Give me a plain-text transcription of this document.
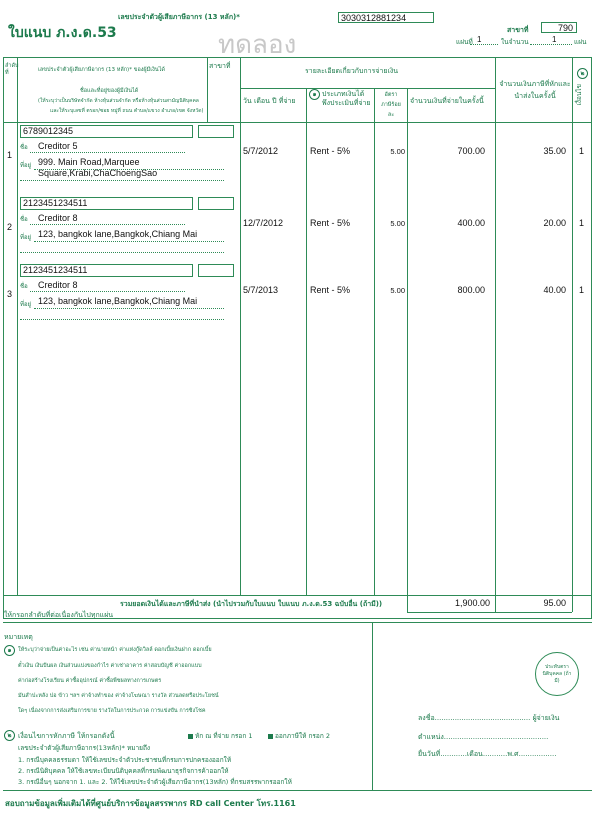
เลขประจำตัวผู้เสียภาษีอากร (13 หลัก)*	3030312881234
ใบแนบ ภ.ง.ด.53	ทดลอง	สาขาที่	790
แผ่นที่ 1	ในจำนวน	1	แผ่น
ลำดับที่	เลขประจำตัวผู้เสียภาษีอากร (13 หลัก)* ของผู้มีเงินได้	สาขาที่
ชื่อและที่อยู่ของผู้มีเงินได้
(ให้ระบุว่าเป็นบริษัทจำกัด ห้างหุ้นส่วนจำกัด หรือห้างหุ้นส่วนสามัญนิติบุคคล
และให้ระบุเลขที่ ตรอก/ซอย หมู่ที่ ถนน ตำบล/แขวง อำเภอ/เขต จังหวัด)
รายละเอียดเกี่ยวกับการจ่ายเงิน
วัน เดือน ปี ที่จ่าย
๑ ประเภทเงินได้พึงประเมินที่จ่าย
อัตราภาษีร้อยละ
จำนวนเงินที่จ่ายในครั้งนี้
จำนวนเงินภาษีที่หักและนำส่งในครั้งนี้
๒
เงื่อนไข
1
6789012345
ชื่อ Creditor 5
ที่อยู่ 999. Main Road,Marquee
Square,Krabi,ChaChoengSao
5/7/2012	Rent - 5%	5.00	700.00	35.00 1
2
2123451234511
ชื่อ Creditor 8
ที่อยู่ 123, bangkok lane,Bangkok,Chiang Mai
12/7/2012	Rent - 5%	5.00	400.00	20.00 1
3
2123451234511
ชื่อ Creditor 8
ที่อยู่ 123, bangkok lane,Bangkok,Chiang Mai
5/7/2013	Rent - 5%	5.00	800.00	40.00 1
รวมยอดเงินได้และภาษีที่นำส่ง (นำไปรวมกับใบแนบ ใบแนบ ภ.ง.ด.53 ฉบับอื่น (ถ้ามี))	1,900.00	95.00
ให้กรอกลำดับที่ต่อเนื่องกันไปทุกแผ่น
หมายเหตุ
๑	ให้ระบุว่าจ่ายเป็นค่าอะไร เช่น ค่านายหน้า ค่าแห่งกู๊ดวิลล์ ดอกเบี้ยเงินฝาก ดอกเบี้ย
ตั๋วเงิน เงินปันผล เงินส่วนแบ่งของกำไร ค่าเช่าอาคาร ค่าสอบบัญชี ค่าออกแบบ
ค่าก่อสร้างโรงเรียน ค่าซื้ออุปกรณ์ ค่าซื้อพืชผลทางการเกษตร
มันสำปะหลัง ปอ ข้าว ฯลฯ ค่าจ้างทำของ ค่าจ้างโฆษณา รางวัล ส่วนลดหรือประโยชน์
ใดๆ เนื่องจากการส่งเสริมการขาย รางวัลในการประกวด การแข่งขัน การชิงโชค
๒ เงื่อนไขการหักภาษี ให้กรอกดังนี้	หัก ณ ที่จ่าย กรอก 1	ออกภาษีให้ กรอก 2
เลขประจำตัวผู้เสียภาษีอากร(13หลัก)* หมายถึง
1. กรณีบุคคลธรรมดา ให้ใช้เลขประจำตัวประชาชนที่กรมการปกครองออกให้
2. กรณีนิติบุคคล ให้ใช้เลขทะเบียนนิติบุคคลที่กรมพัฒนาธุรกิจการค้าออกให้
3. กรณีอื่นๆ นอกจาก 1. และ 2. ให้ใช้เลขประจำตัวผู้เสียภาษีอากร(13หลัก) ที่กรมสรรพากรออกให้
ประทับตรานิติบุคคล (ถ้ามี)
ลงชื่อ........................................... ผู้จ่ายเงิน
ตำแหน่ง...............................................
ยื่นวันที่............เดือน...........พ.ศ.................
สอบถามข้อมูลเพิ่มเติมได้ที่ศูนย์บริการข้อมูลสรรพากร RD call Center โทร.1161
